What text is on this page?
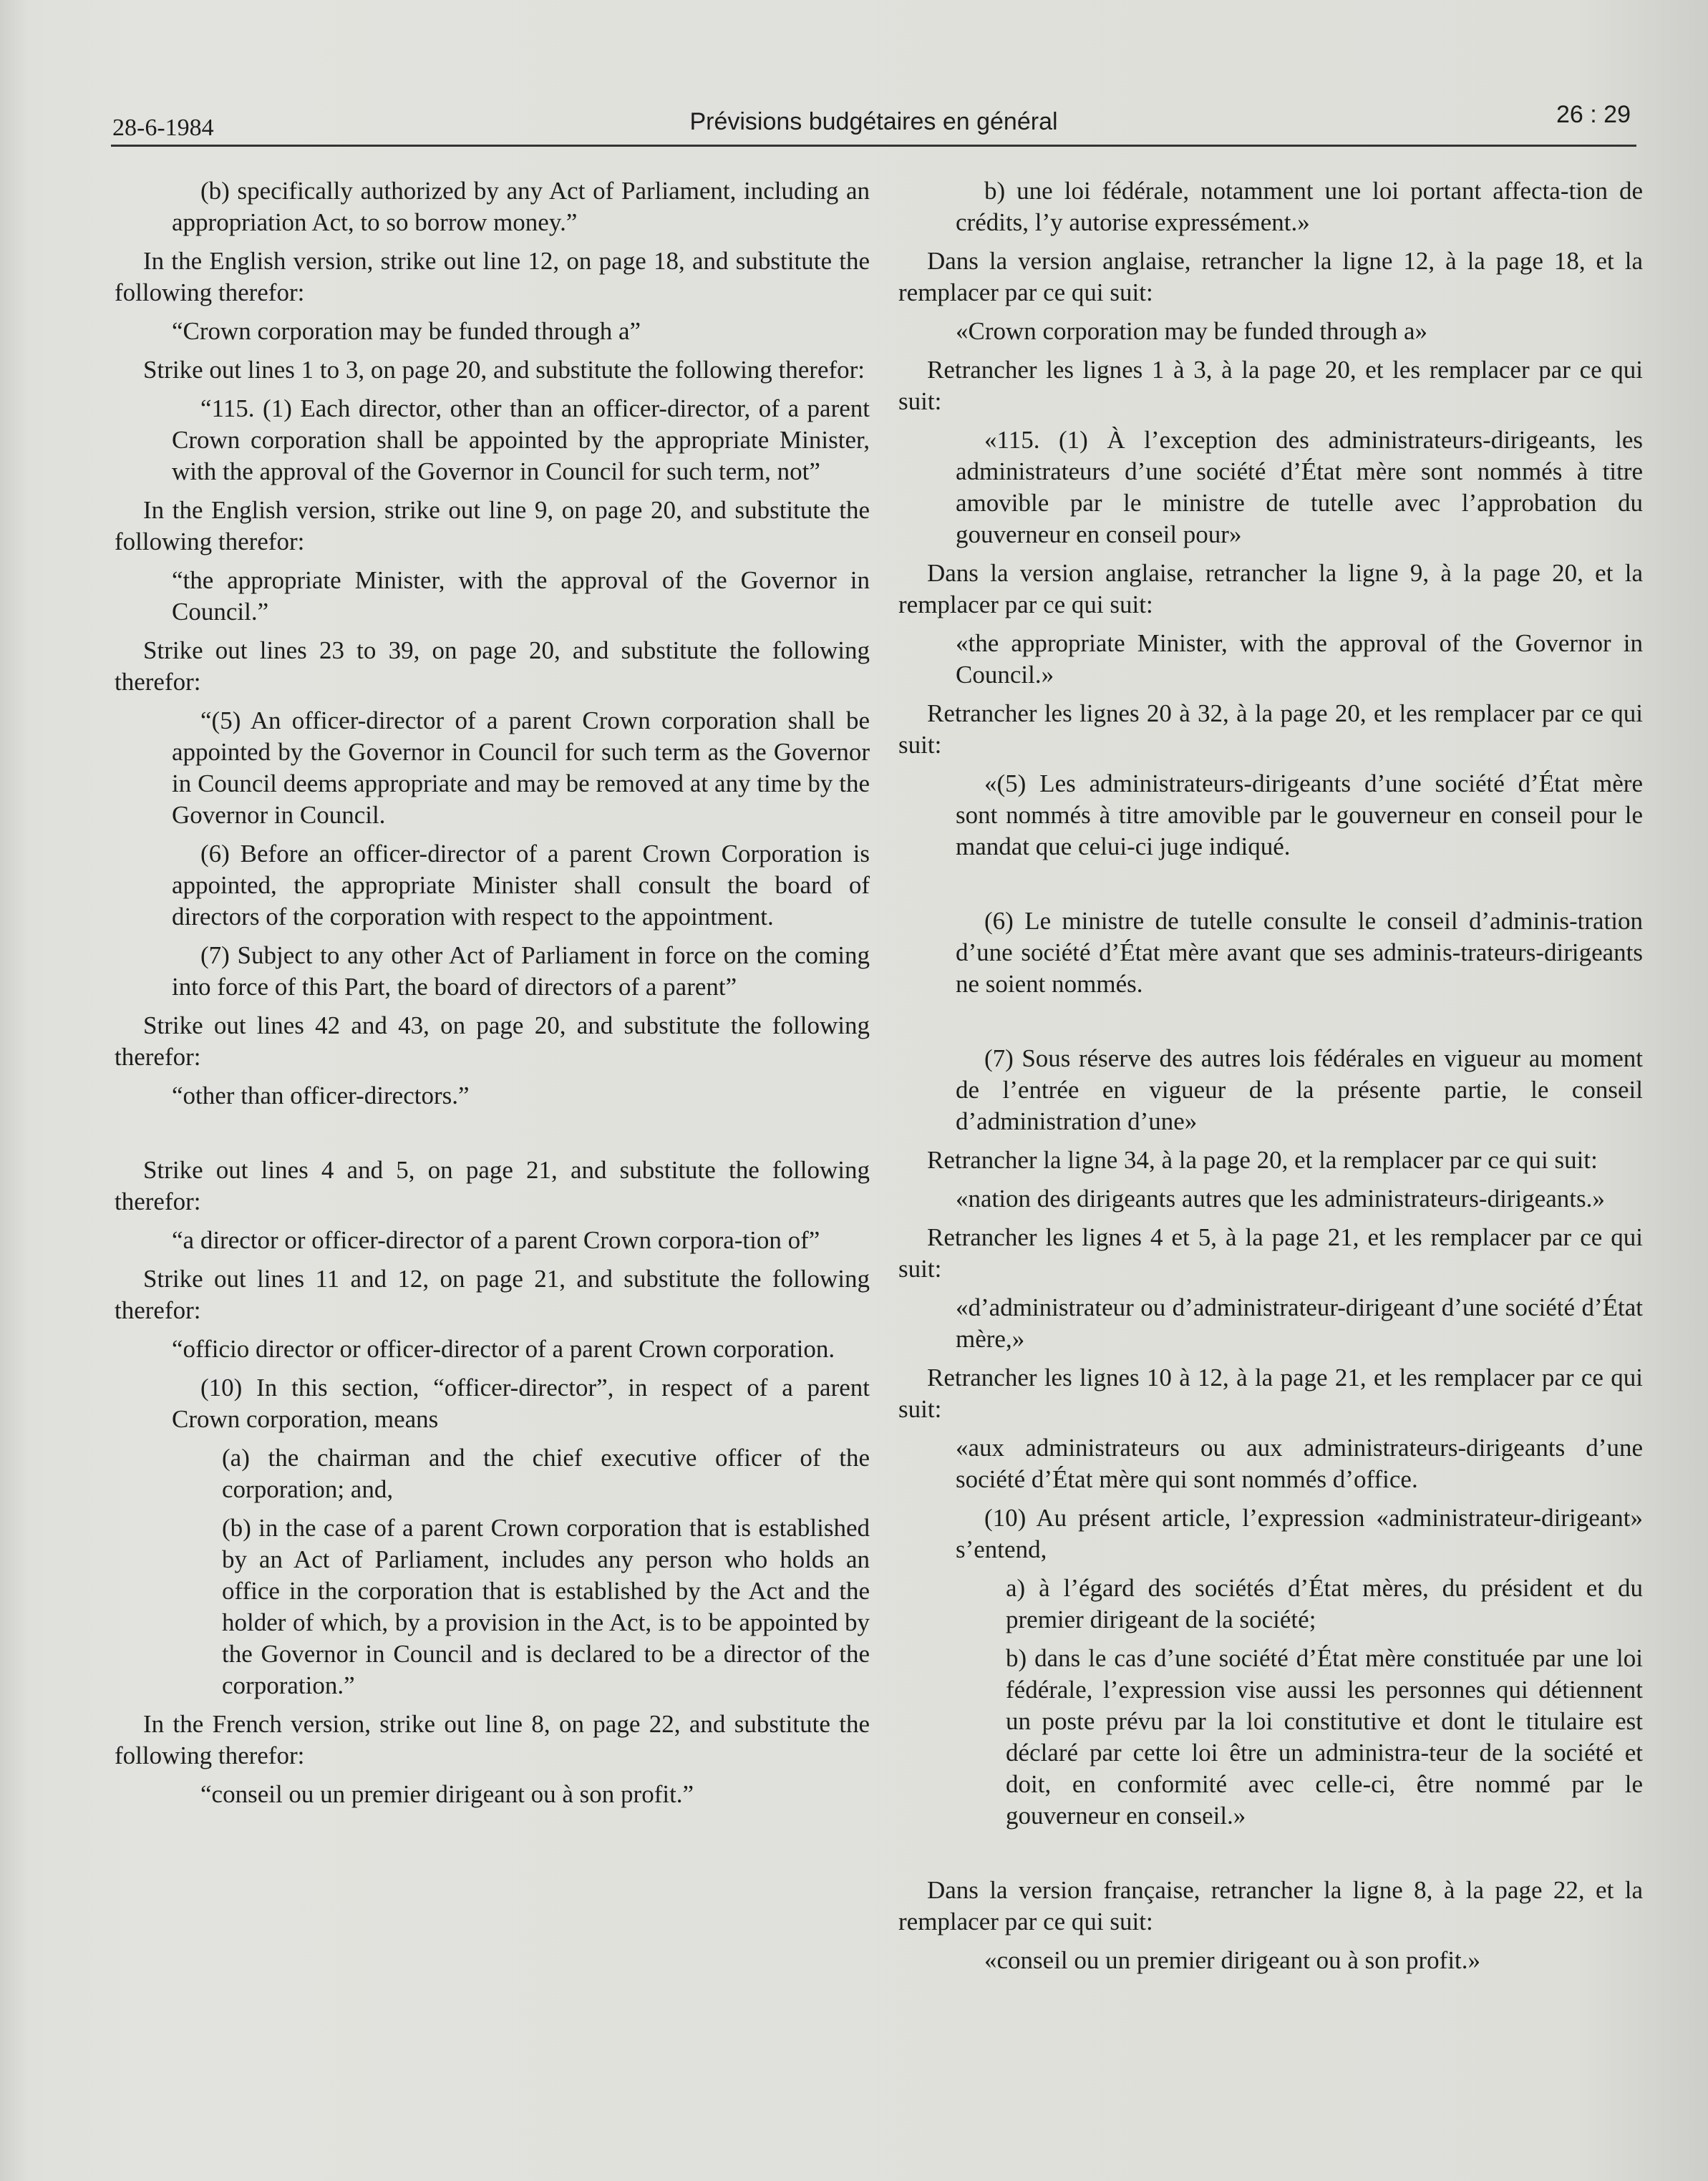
28-6-1984	Prévisions budgétaires en général	26 : 29

(b) specifically authorized by any Act of Parliament, including an appropriation Act, to so borrow money.”

In the English version, strike out line 12, on page 18, and substitute the following therefor:

“Crown corporation may be funded through a”

Strike out lines 1 to 3, on page 20, and substitute the following therefor:

“115. (1) Each director, other than an officer-director, of a parent Crown corporation shall be appointed by the appropriate Minister, with the approval of the Governor in Council for such term, not”

In the English version, strike out line 9, on page 20, and substitute the following therefor:

“the appropriate Minister, with the approval of the Governor in Council.”

Strike out lines 23 to 39, on page 20, and substitute the following therefor:

“(5) An officer-director of a parent Crown corporation shall be appointed by the Governor in Council for such term as the Governor in Council deems appropriate and may be removed at any time by the Governor in Council.

(6) Before an officer-director of a parent Crown Corporation is appointed, the appropriate Minister shall consult the board of directors of the corporation with respect to the appointment.

(7) Subject to any other Act of Parliament in force on the coming into force of this Part, the board of directors of a parent”

Strike out lines 42 and 43, on page 20, and substitute the following therefor:

“other than officer-directors.”

Strike out lines 4 and 5, on page 21, and substitute the following therefor:

“a director or officer-director of a parent Crown corpora-tion of”

Strike out lines 11 and 12, on page 21, and substitute the following therefor:

“officio director or officer-director of a parent Crown corporation.

(10) In this section, “officer-director”, in respect of a parent Crown corporation, means

(a) the chairman and the chief executive officer of the corporation; and,

(b) in the case of a parent Crown corporation that is established by an Act of Parliament, includes any person who holds an office in the corporation that is established by the Act and the holder of which, by a provision in the Act, is to be appointed by the Governor in Council and is declared to be a director of the corporation.”

In the French version, strike out line 8, on page 22, and substitute the following therefor:

“conseil ou un premier dirigeant ou à son profit.”

b) une loi fédérale, notamment une loi portant affecta-tion de crédits, l’y autorise expressément.»

Dans la version anglaise, retrancher la ligne 12, à la page 18, et la remplacer par ce qui suit:

«Crown corporation may be funded through a»

Retrancher les lignes 1 à 3, à la page 20, et les remplacer par ce qui suit:

«115. (1) À l’exception des administrateurs-dirigeants, les administrateurs d’une société d’État mère sont nommés à titre amovible par le ministre de tutelle avec l’approbation du gouverneur en conseil pour»

Dans la version anglaise, retrancher la ligne 9, à la page 20, et la remplacer par ce qui suit:

«the appropriate Minister, with the approval of the Governor in Council.»

Retrancher les lignes 20 à 32, à la page 20, et les remplacer par ce qui suit:

«(5) Les administrateurs-dirigeants d’une société d’État mère sont nommés à titre amovible par le gouverneur en conseil pour le mandat que celui-ci juge indiqué.

(6) Le ministre de tutelle consulte le conseil d’adminis-tration d’une société d’État mère avant que ses adminis-trateurs-dirigeants ne soient nommés.

(7) Sous réserve des autres lois fédérales en vigueur au moment de l’entrée en vigueur de la présente partie, le conseil d’administration d’une»

Retrancher la ligne 34, à la page 20, et la remplacer par ce qui suit:

«nation des dirigeants autres que les administrateurs-dirigeants.»

Retrancher les lignes 4 et 5, à la page 21, et les remplacer par ce qui suit:

«d’administrateur ou d’administrateur-dirigeant d’une société d’État mère,»

Retrancher les lignes 10 à 12, à la page 21, et les remplacer par ce qui suit:

«aux administrateurs ou aux administrateurs-dirigeants d’une société d’État mère qui sont nommés d’office.

(10) Au présent article, l’expression «administrateur-dirigeant» s’entend,

a) à l’égard des sociétés d’État mères, du président et du premier dirigeant de la société;

b) dans le cas d’une société d’État mère constituée par une loi fédérale, l’expression vise aussi les personnes qui détiennent un poste prévu par la loi constitutive et dont le titulaire est déclaré par cette loi être un administra-teur de la société et doit, en conformité avec celle-ci, être nommé par le gouverneur en conseil.»

Dans la version française, retrancher la ligne 8, à la page 22, et la remplacer par ce qui suit:

«conseil ou un premier dirigeant ou à son profit.»
